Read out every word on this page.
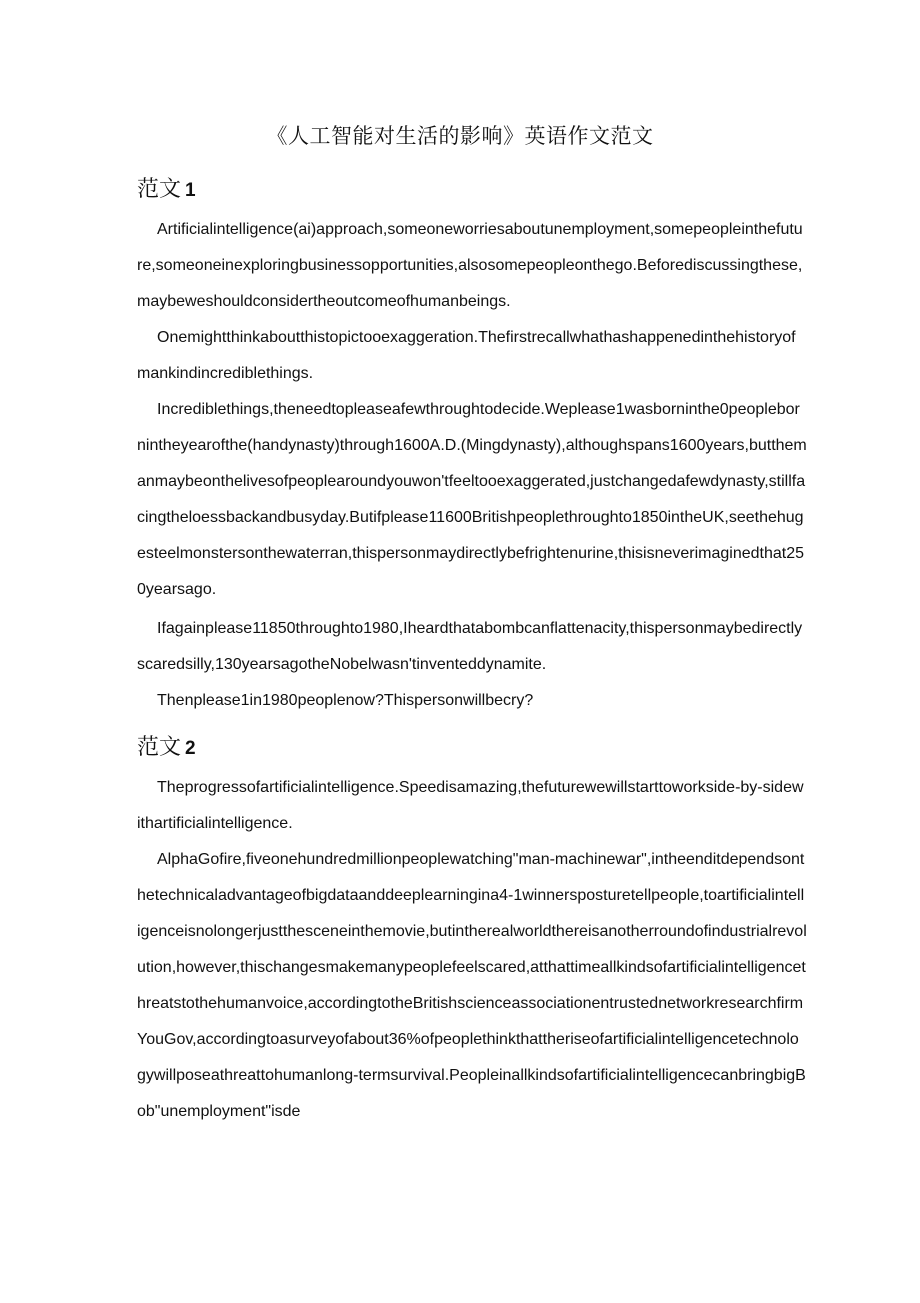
《人工智能对生活的影响》英语作文范文
范文 1

Artificialintelligence(ai)approach,someoneworriesaboutunemployment,somepeopleinthefuture,someoneinexploringbusinessopportunities,alsosomepeopleonthego.Beforediscussingthese,maybeweshouldconsidertheoutcomeofhumanbeings.

Onemightthinkaboutthistopictooexaggeration.Thefirstrecallwhathashappenedinthehistoryofmankindincrediblethings.

Incrediblethings,theneedtopleaseafewthroughtodecide.Weplease1wasborninthe0peoplebornintheyearofthe(handynasty)through1600A.D.(Mingdynasty),althoughspans1600years,butthemanmaybeonthelivesofpeoplearoundyouwon'tfeeltooexaggerated,justchangedafewdynasty,stillfacingtheloessbackandbusyday.Butifplease11600Britishpeoplethroughto1850intheUK,seethehugesteelmonstersonthewaterran,thispersonmaydirectlybefrightenurine,thisisneverimaginedthat250yearsago.

Ifagainplease11850throughto1980,Iheardthatabombcanflattenacity,thispersonmaybedirectlyscaredsilly,130yearsagotheNobelwasn'tinventeddynamite.

Thenplease1in1980peoplenow?Thispersonwillbecry?

范文 2

Theprogressofartificialintelligence.Speedisamazing,thefuturewewillstarttoworkside-by-sidewithartificialintelligence.

AlphaGofire,fiveonehundredmillionpeoplewatching"man-machinewar",intheenditdependsonthetechnicaladvantageofbigdataanddeeplearningina4-1winnersposturetellpeople,toartificialintelligenceisnolongerjustthesceneinthemovie,butintherealworldthereisanotherroundofindustrialrevolution,however,thischangesmakemanypeoplefeelscared,atthattimeallkindsofartificialintelligencethreatstothehumanvoice,accordingtotheBritishscienceassociationentrustednetworkresearchfirmYouGov,accordingtoasurveyofabout36%ofpeoplethinkthattheriseofartificialintelligencetechnologywillposeathreattohumanlong-termsurvival.PeopleinallkindsofartificialintelligencecanbringbigBob"unemployment"isde
